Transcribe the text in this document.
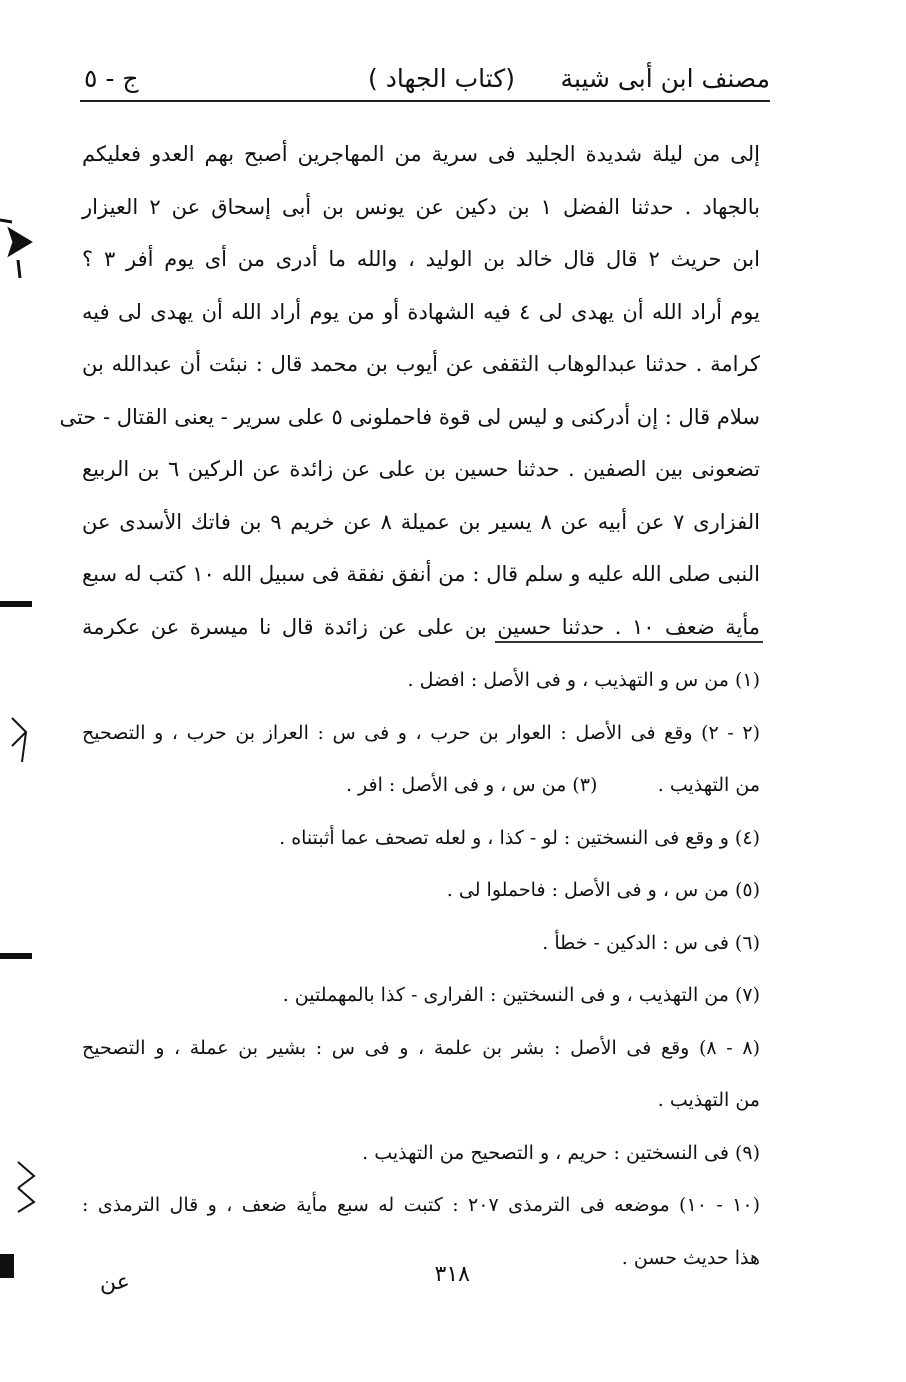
مصنف ابن أبى شيبة
(كتاب الجهاد )
ج - ٥
إلى من ليلة شديدة الجليد فى سرية من المهاجرين أصبح بهم العدو فعليكم
بالجهاد . حدثنا الفضل ١ بن دكين عن يونس بن أبى إسحاق عن ٢ العيزار
ابن حريث ٢ قال قال خالد بن الوليد ، والله ما أدرى من أى يوم أفر ٣ ؟
يوم أراد الله أن يهدى لى ٤ فيه الشهادة أو من يوم أراد الله أن يهدى لى فيه
كرامة . حدثنا عبدالوهاب الثقفى عن أيوب بن محمد قال : نبئت أن عبدالله بن
سلام قال : إن أدركنى و ليس لى قوة فاحملونى ٥ على سرير - يعنى القتال - حتى
تضعونى بين الصفين . حدثنا حسين بن على عن زائدة عن الركين ٦ بن الربيع
الفزارى ٧ عن أبيه عن ٨ يسير بن عميلة ٨ عن خريم ٩ بن فاتك الأسدى عن
النبى صلى الله عليه و سلم قال : من أنفق نفقة فى سبيل الله ١٠ كتب له سبع
مأية ضعف ١٠ . حدثنا حسين بن على عن زائدة قال نا ميسرة عن عكرمة
(١) من س و التهذيب ، و فى الأصل : افضل .
(٢ - ٢) وقع فى الأصل : العوار بن حرب ، و فى س : العراز بن حرب ، و التصحيح
من التهذيب .          (٣) من س ، و فى الأصل : افر .
(٤) و وقع فى النسختين : لو - كذا ، و لعله تصحف عما أثبتناه .
(٥) من س ، و فى الأصل : فاحملوا لى .
(٦) فى س : الدكين - خطأ .
(٧) من التهذيب ، و فى النسختين : الفرارى - كذا بالمهملتين .
(٨ - ٨) وقع فى الأصل : بشر بن علمة ، و فى س : بشير بن عملة ، و التصحيح
من التهذيب .
(٩) فى النسختين : حريم ، و التصحيح من التهذيب .
(١٠ - ١٠) موضعه فى الترمذى ٢٠٧ : كتبت له سبع مأية ضعف ، و قال الترمذى :
هذا حديث حسن .
٣١٨
عن
